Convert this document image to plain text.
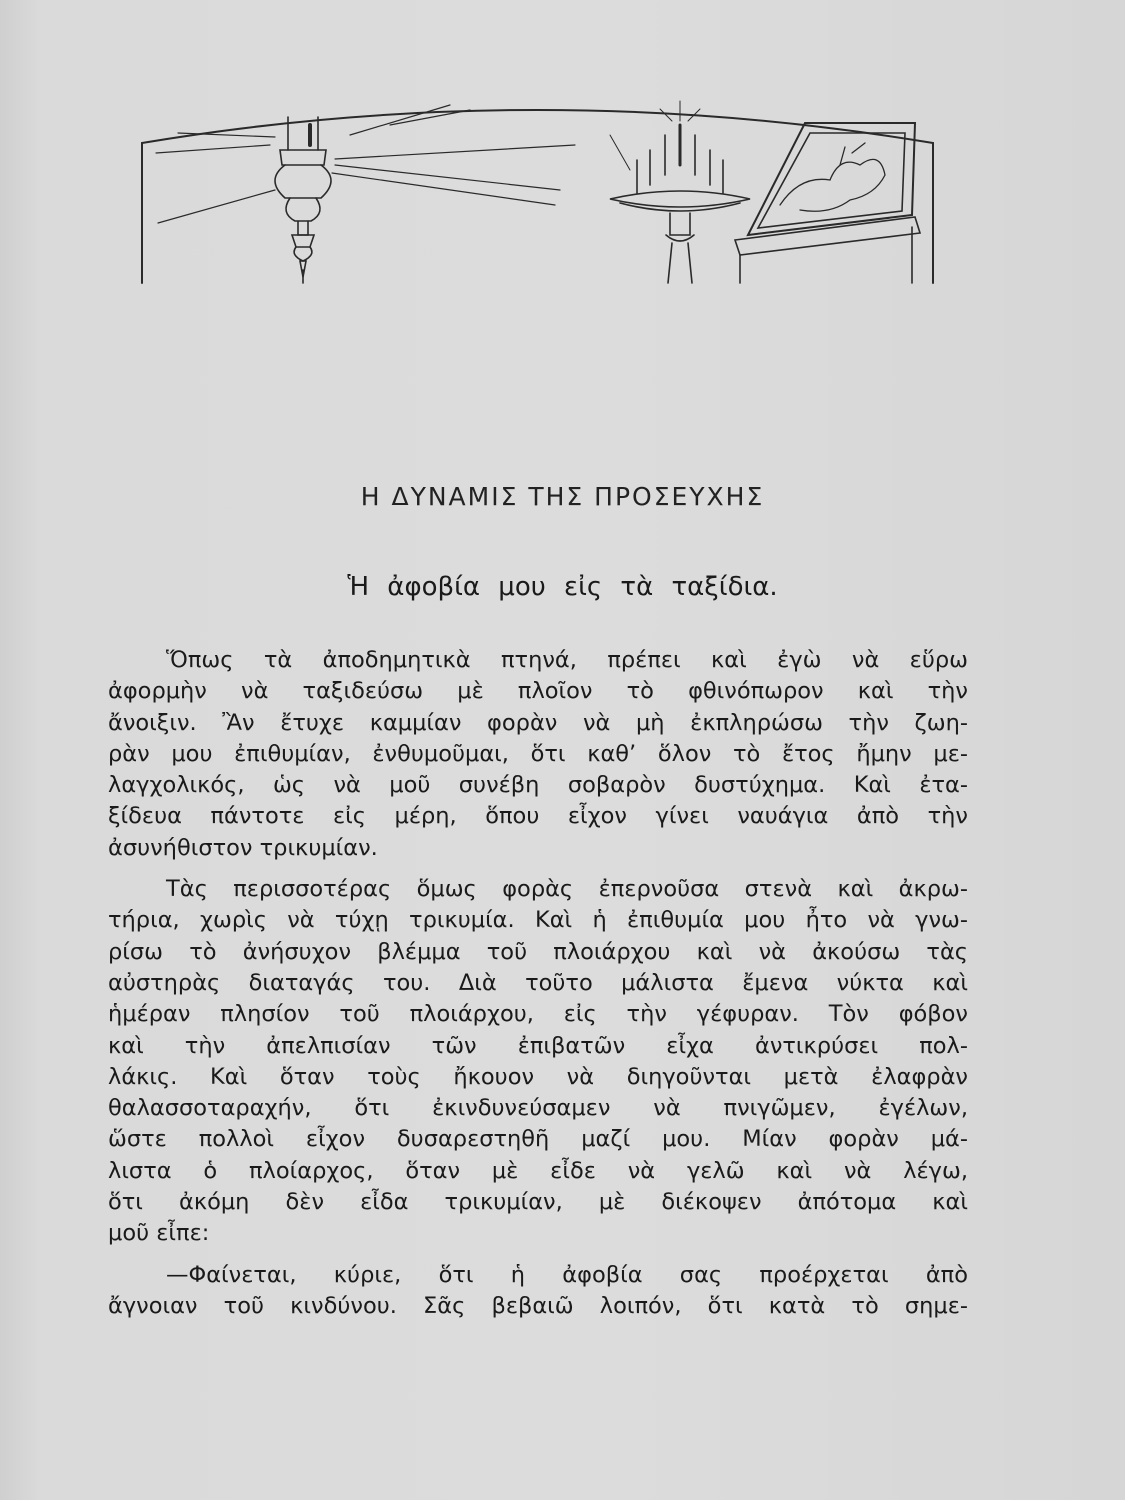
Η ΔΥΝΑΜΙΣ ΤΗΣ ΠΡΟΣΕΥΧΗΣ
Ἡ ἀφοβία μου εἰς τὰ ταξίδια.
Ὅπως τὰ ἀποδημητικὰ πτηνά, πρέπει καὶ ἐγὼ νὰ εὕρω
ἀφορμὴν νὰ ταξιδεύσω μὲ πλοῖον τὸ φθινόπωρον καὶ τὴν
ἄνοιξιν. Ἂν ἔτυχε καμμίαν φορὰν νὰ μὴ ἐκπληρώσω τὴν ζωη-
ρὰν μου ἐπιθυμίαν, ἐνθυμοῦμαι, ὅτι καθ’ ὅλον τὸ ἔτος ἤμην με-
λαγχολικός, ὡς νὰ μοῦ συνέβη σοβαρὸν δυστύχημα. Καὶ ἐτα-
ξίδευα πάντοτε εἰς μέρη, ὅπου εἶχον γίνει ναυάγια ἀπὸ τὴν
ἀσυνήθιστον τρικυμίαν.
Τὰς περισσοτέρας ὅμως φορὰς ἐπερνοῦσα στενὰ καὶ ἀκρω-
τήρια, χωρὶς νὰ τύχῃ τρικυμία. Καὶ ἡ ἐπιθυμία μου ἦτο νὰ γνω-
ρίσω τὸ ἀνήσυχον βλέμμα τοῦ πλοιάρχου καὶ νὰ ἀκούσω τὰς
αὐστηρὰς διαταγάς του. Διὰ τοῦτο μάλιστα ἔμενα νύκτα καὶ
ἡμέραν πλησίον τοῦ πλοιάρχου, εἰς τὴν γέφυραν. Τὸν φόβον
καὶ τὴν ἀπελπισίαν τῶν ἐπιβατῶν εἶχα ἀντικρύσει πολ-
λάκις. Καὶ ὅταν τοὺς ἤκουον νὰ διηγοῦνται μετὰ ἐλαφρὰν
θαλασσοταραχήν, ὅτι ἐκινδυνεύσαμεν νὰ πνιγῶμεν, ἐγέλων,
ὥστε πολλοὶ εἶχον δυσαρεστηθῆ μαζί μου. Μίαν φορὰν μά-
λιστα ὁ πλοίαρχος, ὅταν μὲ εἶδε νὰ γελῶ καὶ νὰ λέγω,
ὅτι ἀκόμη δὲν εἶδα τρικυμίαν, μὲ διέκοψεν ἀπότομα καὶ
μοῦ εἶπε:
—Φαίνεται, κύριε, ὅτι ἡ ἀφοβία σας προέρχεται ἀπὸ
ἄγνοιαν τοῦ κινδύνου. Σᾶς βεβαιῶ λοιπόν, ὅτι κατὰ τὸ σημε-
